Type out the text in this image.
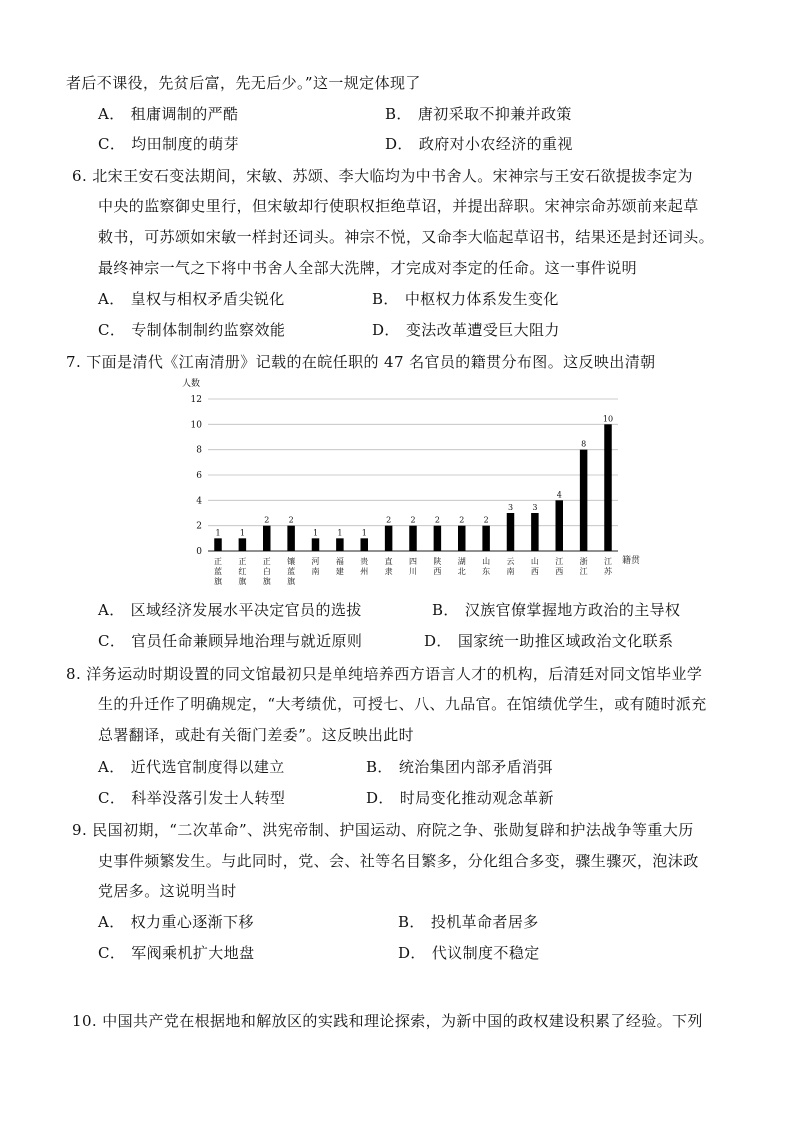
者后不课役，先贫后富，先无后少。”这一规定体现了
A． 租庸调制的严酷	B． 唐初采取不抑兼并政策
C． 均田制度的萌芽	D． 政府对小农经济的重视
6. 北宋王安石变法期间，宋敏、苏颂、李大临均为中书舍人。宋神宗与王安石欲提拔李定为
中央的监察御史里行，但宋敏却行使职权拒绝草诏，并提出辞职。宋神宗命苏颂前来起草
敕书，可苏颂如宋敏一样封还词头。神宗不悦，又命李大临起草诏书，结果还是封还词头。
最终神宗一气之下将中书舍人全部大洗牌，才完成对李定的任命。这一事件说明
A． 皇权与相权矛盾尖锐化	B． 中枢权力体系发生变化
C． 专制体制制约监察效能	D． 变法改革遭受巨大阻力
7. 下面是清代《江南清册》记载的在皖任职的 47 名官员的籍贯分布图。这反映出清朝
人数
0
2
4
6
8
10
12
1 1
2 2
1 1 1
2 2 2 2 2
3 3
4
8
10
正蓝旗
正红旗
正白旗
镶蓝旗
河南
福建
贵州
直隶
四川
陕西
湖北
山东
云南
山西
江西
浙江
江苏
籍贯
A． 区域经济发展水平决定官员的选拔	B． 汉族官僚掌握地方政治的主导权
C． 官员任命兼顾异地治理与就近原则	D． 国家统一助推区域政治文化联系
8. 洋务运动时期设置的同文馆最初只是单纯培养西方语言人才的机构，后清廷对同文馆毕业学
生的升迁作了明确规定，“大考绩优，可授七、八、九品官。在馆绩优学生，或有随时派充
总署翻译，或赴有关衙门差委”。这反映出此时
A． 近代选官制度得以建立	B． 统治集团内部矛盾消弭
C． 科举没落引发士人转型	D． 时局变化推动观念革新
9. 民国初期，“二次革命”、洪宪帝制、护国运动、府院之争、张勋复辟和护法战争等重大历
史事件频繁发生。与此同时，党、会、社等名目繁多，分化组合多变，骤生骤灭，泡沫政
党居多。这说明当时
A． 权力重心逐渐下移	B． 投机革命者居多
C． 军阀乘机扩大地盘	D． 代议制度不稳定
10. 中国共产党在根据地和解放区的实践和理论探索，为新中国的政权建设积累了经验。下列
